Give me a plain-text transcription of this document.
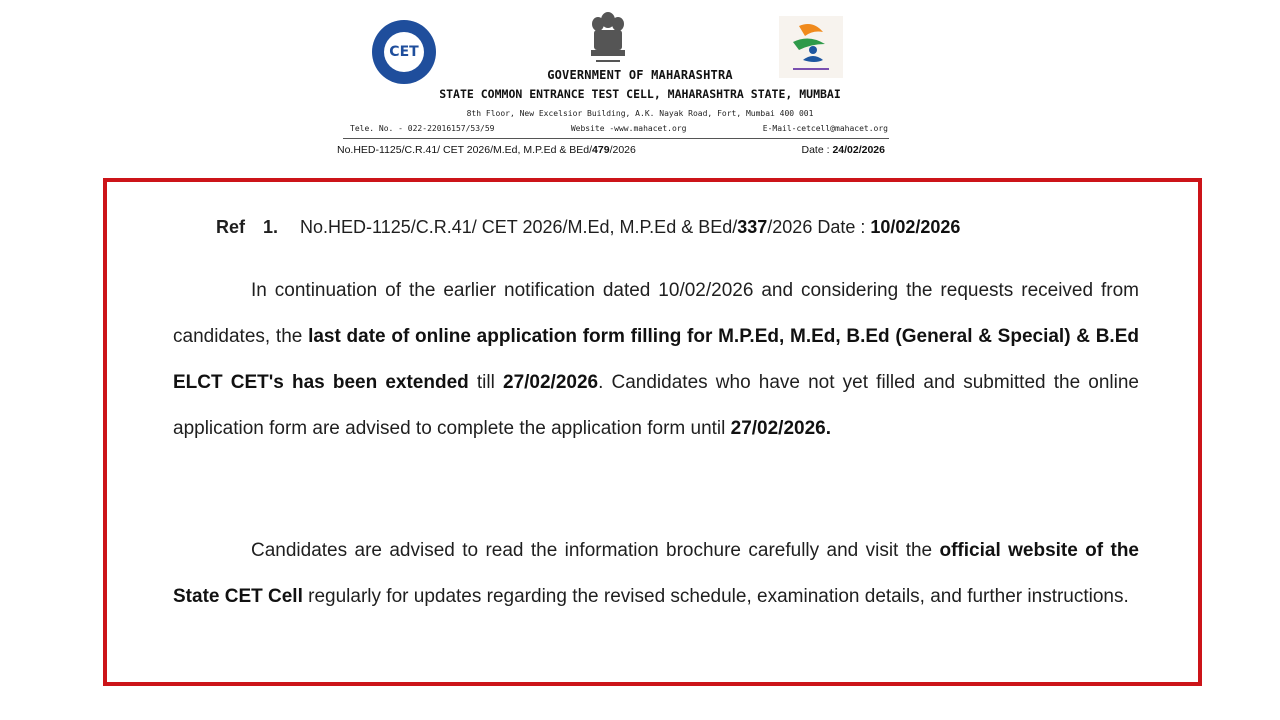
CET
GOVERNMENT OF MAHARASHTRA
STATE COMMON ENTRANCE TEST CELL, MAHARASHTRA STATE, MUMBAI
8th Floor, New Excelsior Building, A.K. Nayak Road, Fort, Mumbai 400 001
Tele. No. - 022-22016157/53/59	Website -www.mahacet.org	E-Mail-cetcell@mahacet.org
No.HED-1125/C.R.41/ CET 2026/M.Ed, M.P.Ed & BEd/479/2026	Date : 24/02/2026
Ref 1. No.HED-1125/C.R.41/ CET 2026/M.Ed, M.P.Ed & BEd/337/2026 Date : 10/02/2026
In continuation of the earlier notification dated 10/02/2026 and considering the requests received from candidates, the last date of online application form filling for M.P.Ed, M.Ed, B.Ed (General & Special) & B.Ed ELCT CET's has been extended till 27/02/2026. Candidates who have not yet filled and submitted the online application form are advised to complete the application form until 27/02/2026.
Candidates are advised to read the information brochure carefully and visit the official website of the State CET Cell regularly for updates regarding the revised schedule, examination details, and further instructions.
